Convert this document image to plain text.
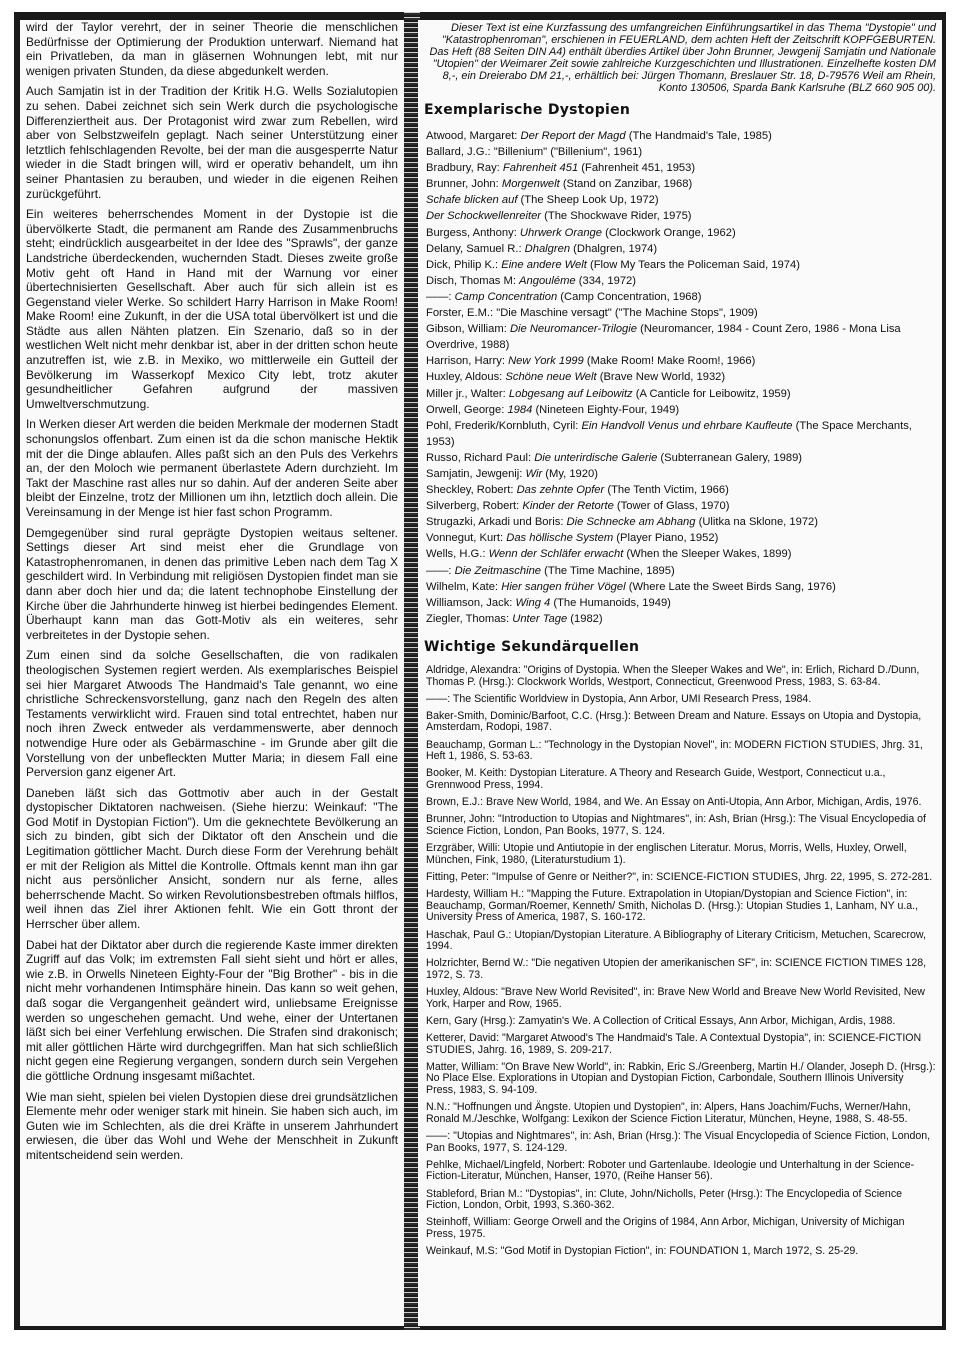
wird der Taylor verehrt, der in seiner Theorie die menschlichen Bedürfnisse der Optimierung der Produktion unterwarf. Niemand hat ein Privatleben, da man in gläsernen Wohnungen lebt, mit nur wenigen privaten Stunden, da diese abgedunkelt werden.

Auch Samjatin ist in der Tradition der Kritik H.G. Wells Sozialutopien zu sehen. Dabei zeichnet sich sein Werk durch die psychologische Differenziertheit aus. Der Protagonist wird zwar zum Rebellen, wird aber von Selbstzweifeln geplagt. Nach seiner Unterstützung einer letztlich fehlschlagenden Revolte, bei der man die ausgesperrte Natur wieder in die Stadt bringen will, wird er operativ behandelt, um ihn seiner Phantasien zu berauben, und wieder in die eigenen Reihen zurückgeführt.

Ein weiteres beherrschendes Moment in der Dystopie ist die übervölkerte Stadt, die permanent am Rande des Zusammenbruchs steht; eindrücklich ausgearbeitet in der Idee des "Sprawls", der ganze Landstriche überdeckenden, wuchernden Stadt. Dieses zweite große Motiv geht oft Hand in Hand mit der Warnung vor einer übertechnisierten Gesellschaft. Aber auch für sich allein ist es Gegenstand vieler Werke. So schildert Harry Harrison in Make Room! Make Room! eine Zukunft, in der die USA total übervölkert ist und die Städte aus allen Nähten platzen. Ein Szenario, daß so in der westlichen Welt nicht mehr denkbar ist, aber in der dritten schon heute anzutreffen ist, wie z.B. in Mexiko, wo mittlerweile ein Gutteil der Bevölkerung im Wasserkopf Mexico City lebt, trotz akuter gesundheitlicher Gefahren aufgrund der massiven Umweltverschmutzung.

In Werken dieser Art werden die beiden Merkmale der modernen Stadt schonungslos offenbart. Zum einen ist da die schon manische Hektik mit der die Dinge ablaufen. Alles paßt sich an den Puls des Verkehrs an, der den Moloch wie permanent überlastete Adern durchzieht. Im Takt der Maschine rast alles nur so dahin. Auf der anderen Seite aber bleibt der Einzelne, trotz der Millionen um ihn, letztlich doch allein. Die Vereinsamung in der Menge ist hier fast schon Programm.

Demgegenüber sind rural geprägte Dystopien weitaus seltener. Settings dieser Art sind meist eher die Grundlage von Katastrophenromanen, in denen das primitive Leben nach dem Tag X geschildert wird. In Verbindung mit religiösen Dystopien findet man sie dann aber doch hier und da; die latent technophobe Einstellung der Kirche über die Jahrhunderte hinweg ist hierbei bedingendes Element. Überhaupt kann man das Gott-Motiv als ein weiteres, sehr verbreitetes in der Dystopie sehen.

Zum einen sind da solche Gesellschaften, die von radikalen theologischen Systemen regiert werden. Als exemplarisches Beispiel sei hier Margaret Atwoods The Handmaid's Tale genannt, wo eine christliche Schreckensvorstellung, ganz nach den Regeln des alten Testaments verwirklicht wird. Frauen sind total entrechtet, haben nur noch ihren Zweck entweder als verdammenswerte, aber dennoch notwendige Hure oder als Gebärmaschine - im Grunde aber gilt die Vorstellung von der unbefleckten Mutter Maria; in diesem Fall eine Perversion ganz eigener Art.

Daneben läßt sich das Gottmotiv aber auch in der Gestalt dystopischer Diktatoren nachweisen. (Siehe hierzu: Weinkauf: "The God Motif in Dystopian Fiction"). Um die geknechtete Bevölkerung an sich zu binden, gibt sich der Diktator oft den Anschein und die Legitimation göttlicher Macht. Durch diese Form der Verehrung behält er mit der Religion als Mittel die Kontrolle. Oftmals kennt man ihn gar nicht aus persönlicher Ansicht, sondern nur als ferne, alles beherrschende Macht. So wirken Revolutionsbestreben oftmals hilflos, weil ihnen das Ziel ihrer Aktionen fehlt. Wie ein Gott thront der Herrscher über allem.

Dabei hat der Diktator aber durch die regierende Kaste immer direkten Zugriff auf das Volk; im extremsten Fall sieht sieht und hört er alles, wie z.B. in Orwells Nineteen Eighty-Four der "Big Brother" - bis in die nicht mehr vorhandenen Intimsphäre hinein. Das kann so weit gehen, daß sogar die Vergangenheit geändert wird, unliebsame Ereignisse werden so ungeschehen gemacht. Und wehe, einer der Untertanen läßt sich bei einer Verfehlung erwischen. Die Strafen sind drakonisch; mit aller göttlichen Härte wird durchgegriffen. Man hat sich schließlich nicht gegen eine Regierung vergangen, sondern durch sein Vergehen die göttliche Ordnung insgesamt mißachtet.

Wie man sieht, spielen bei vielen Dystopien diese drei grundsätzlichen Elemente mehr oder weniger stark mit hinein. Sie haben sich auch, im Guten wie im Schlechten, als die drei Kräfte in unserem Jahrhundert erwiesen, die über das Wohl und Wehe der Menschheit in Zukunft mitentscheidend sein werden.

Dieser Text ist eine Kurzfassung des umfangreichen Einführungsartikel in das Thema "Dystopie" und "Katastrophenroman", erschienen in FEUERLAND, dem achten Heft der Zeitschrift KOPFGEBURTEN. Das Heft (88 Seiten DIN A4) enthält überdies Artikel über John Brunner, Jewgenij Samjatin und Nationale "Utopien" der Weimarer Zeit sowie zahlreiche Kurzgeschichten und Illustrationen. Einzelhefte kosten DM 8,-, ein Dreierabo DM 21,-, erhältlich bei: Jürgen Thomann, Breslauer Str. 18, D-79576 Weil am Rhein, Konto 130506, Sparda Bank Karlsruhe (BLZ 660 905 00).
Exemplarische Dystopien
Atwood, Margaret: Der Report der Magd (The Handmaid's Tale, 1985)
Ballard, J.G.: "Billenium" ("Billenium", 1961)
Bradbury, Ray: Fahrenheit 451 (Fahrenheit 451, 1953)
Brunner, John: Morgenwelt (Stand on Zanzibar, 1968)
Schafe blicken auf (The Sheep Look Up, 1972)
Der Schockwellenreiter (The Shockwave Rider, 1975)
Burgess, Anthony: Uhrwerk Orange (Clockwork Orange, 1962)
Delany, Samuel R.: Dhalgren (Dhalgren, 1974)
Dick, Philip K.: Eine andere Welt (Flow My Tears the Policeman Said, 1974)
Disch, Thomas M: Angouléme (334, 1972)
——: Camp Concentration (Camp Concentration, 1968)
Forster, E.M.: "Die Maschine versagt" ("The Machine Stops", 1909)
Gibson, William: Die Neuromancer-Trilogie (Neuromancer, 1984 - Count Zero, 1986 - Mona Lisa Overdrive, 1988)
Harrison, Harry: New York 1999 (Make Room! Make Room!, 1966)
Huxley, Aldous: Schöne neue Welt (Brave New World, 1932)
Miller jr., Walter: Lobgesang auf Leibowitz (A Canticle for Leibowitz, 1959)
Orwell, George: 1984 (Nineteen Eighty-Four, 1949)
Pohl, Frederik/Kornbluth, Cyril: Ein Handvoll Venus und ehrbare Kaufleute (The Space Merchants, 1953)
Russo, Richard Paul: Die unterirdische Galerie (Subterranean Galery, 1989)
Samjatin, Jewgenij: Wir (My, 1920)
Sheckley, Robert: Das zehnte Opfer (The Tenth Victim, 1966)
Silverberg, Robert: Kinder der Retorte (Tower of Glass, 1970)
Strugazki, Arkadi und Boris: Die Schnecke am Abhang (Ulitka na Sklone, 1972)
Vonnegut, Kurt: Das höllische System (Player Piano, 1952)
Wells, H.G.: Wenn der Schläfer erwacht (When the Sleeper Wakes, 1899)
——: Die Zeitmaschine (The Time Machine, 1895)
Wilhelm, Kate: Hier sangen früher Vögel (Where Late the Sweet Birds Sang, 1976)
Williamson, Jack: Wing 4 (The Humanoids, 1949)
Ziegler, Thomas: Unter Tage (1982)
Wichtige Sekundärquellen
Aldridge, Alexandra: "Origins of Dystopia. When the Sleeper Wakes and We", in: Erlich, Richard D./Dunn, Thomas P. (Hrsg.): Clockwork Worlds, Westport, Connecticut, Greenwood Press, 1983, S. 63-84.
——: The Scientific Worldview in Dystopia, Ann Arbor, UMI Research Press, 1984.
Baker-Smith, Dominic/Barfoot, C.C. (Hrsg.): Between Dream and Nature. Essays on Utopia and Dystopia, Amsterdam, Rodopi, 1987.
Beauchamp, Gorman L.: "Technology in the Dystopian Novel", in: MODERN FICTION STUDIES, Jhrg. 31, Heft 1, 1986, S. 53-63.
Booker, M. Keith: Dystopian Literature. A Theory and Research Guide, Westport, Connecticut u.a., Grennwood Press, 1994.
Brown, E.J.: Brave New World, 1984, and We. An Essay on Anti-Utopia, Ann Arbor, Michigan, Ardis, 1976.
Brunner, John: "Introduction to Utopias and Nightmares", in: Ash, Brian (Hrsg.): The Visual Encyclopedia of Science Fiction, London, Pan Books, 1977, S. 124.
Erzgräber, Willi: Utopie und Antiutopie in der englischen Literatur. Morus, Morris, Wells, Huxley, Orwell, München, Fink, 1980, (Literaturstudium 1).
Fitting, Peter: "Impulse of Genre or Neither?", in: SCIENCE-FICTION STUDIES, Jhrg. 22, 1995, S. 272-281.
Hardesty, William H.: "Mapping the Future. Extrapolation in Utopian/Dystopian and Science Fiction", in: Beauchamp, Gorman/Roemer, Kenneth/ Smith, Nicholas D. (Hrsg.): Utopian Studies 1, Lanham, NY u.a., University Press of America, 1987, S. 160-172.
Haschak, Paul G.: Utopian/Dystopian Literature. A Bibliography of Literary Criticism, Metuchen, Scarecrow, 1994.
Holzrichter, Bernd W.: "Die negativen Utopien der amerikanischen SF", in: SCIENCE FICTION TIMES 128, 1972, S. 73.
Huxley, Aldous: "Brave New World Revisited", in: Brave New World and Breave New World Revisited, New York, Harper and Row, 1965.
Kern, Gary (Hrsg.): Zamyatin's We. A Collection of Critical Essays, Ann Arbor, Michigan, Ardis, 1988.
Ketterer, David: "Margaret Atwood's The Handmaid's Tale. A Contextual Dystopia", in: SCIENCE-FICTION STUDIES, Jahrg. 16, 1989, S. 209-217.
Matter, William: "On Brave New World", in: Rabkin, Eric S./Greenberg, Martin H./ Olander, Joseph D. (Hrsg.): No Place Else. Explorations in Utopian and Dystopian Fiction, Carbondale, Southern Illinois University Press, 1983, S. 94-109.
N.N.: "Hoffnungen und Ängste. Utopien und Dystopien", in: Alpers, Hans Joachim/Fuchs, Werner/Hahn, Ronald M./Jeschke, Wolfgang: Lexikon der Science Fiction Literatur, München, Heyne, 1988, S. 48-55.
——: "Utopias and Nightmares", in: Ash, Brian (Hrsg.): The Visual Encyclopedia of Science Fiction, London, Pan Books, 1977, S. 124-129.
Pehlke, Michael/Lingfeld, Norbert: Roboter und Gartenlaube. Ideologie und Unterhaltung in der Science-Fiction-Literatur, München, Hanser, 1970, (Reihe Hanser 56).
Stableford, Brian M.: "Dystopias", in: Clute, John/Nicholls, Peter (Hrsg.): The Encyclopedia of Science Fiction, London, Orbit, 1993, S.360-362.
Steinhoff, William: George Orwell and the Origins of 1984, Ann Arbor, Michigan, University of Michigan Press, 1975.
Weinkauf, M.S: "God Motif in Dystopian Fiction", in: FOUNDATION 1, March 1972, S. 25-29.
